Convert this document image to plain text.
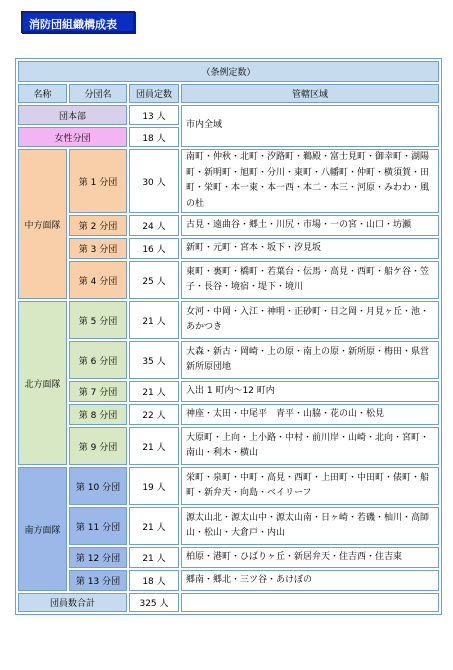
消防団組織構成表
（条例定数）			
名称	分団名	団員定数	管轄区域
団本部		13 人	市内全域
女性分団		18 人	
中方面隊	第 1 分団	30 人	南町・仲秋・北町・汐路町・鵜殿・富士見町・御幸町・湖陽町・新明町・旭町・分川・東町・八幡町・仲町・横須賀・田町・栄町・本一東・本一西・本二・本三・河原・みわわ・風の杜
	第 2 分団	24 人	古見・遠曲谷・郷土・川尻・市場・一の宮・山口・坊瀬
	第 3 分団	16 人	新町・元町・宮本・坂下・汐見坂
	第 4 分団	25 人	東町・裏町・橋町・若葉台・伝馬・高見・西町・船ケ谷・笠子・長谷・境宿・堤下・境川
北方面隊	第 5 分団	21 人	女河・中岡・入江・神明・正砂町・日之岡・月見ヶ丘・池・あかつき
	第 6 分団	35 人	大森・新古・岡崎・上の原・南上の原・新所原・梅田・県営新所原団地
	第 7 分団	21 人	入出 1 町内〜12 町内
	第 8 分団	22 人	神座・太田・中尾平　青平・山脇・花の山・松見
	第 9 分団	21 人	大原町・上向・上小路・中村・前川岸・山崎・北向・宮町・南山・利木・横山
南方面隊	第 10 分団	19 人	栄町・泉町・中町・高見・西町・上田町・中田町・俵町・船町・新弁天・向島・ベイリーフ
	第 11 分団	21 人	源太山北・源太山中・源太山南・日ヶ崎・若磯・杣川・高師山・松山・大倉戸・内山
	第 12 分団	21 人	柏原・港町・ひばりヶ丘・新居弁天・住吉西・住吉東
	第 13 分団	18 人	郷南・郷北・三ツ谷・あけぼの
団員数合計		325 人	
